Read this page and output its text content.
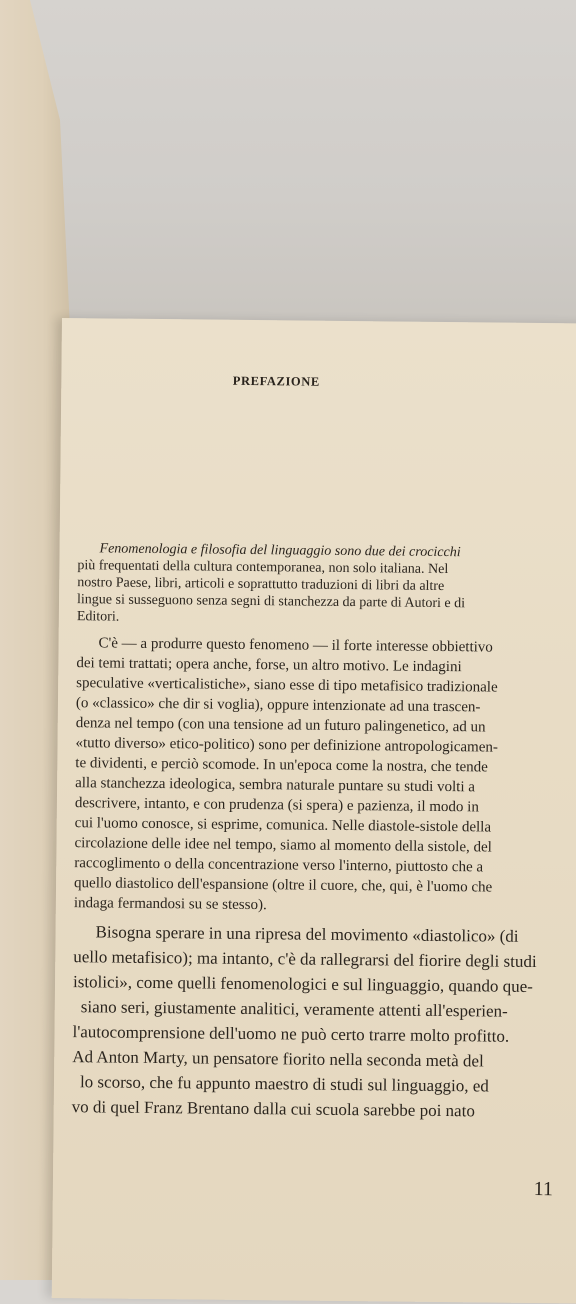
PREFAZIONE
Fenomenologia e filosofia del linguaggio sono due dei crocicchi
più frequentati della cultura contemporanea, non solo italiana. Nel
nostro Paese, libri, articoli e soprattutto traduzioni di libri da altre
lingue si susseguono senza segni di stanchezza da parte di Autori e di
Editori.
C'è — a produrre questo fenomeno — il forte interesse obbiettivo
dei temi trattati; opera anche, forse, un altro motivo. Le indagini
speculative «verticalistiche», siano esse di tipo metafisico tradizionale
(o «classico» che dir si voglia), oppure intenzionate ad una trascen-
denza nel tempo (con una tensione ad un futuro palingenetico, ad un
«tutto diverso» etico-politico) sono per definizione antropologicamen-
te dividenti, e perciò scomode. In un'epoca come la nostra, che tende
alla stanchezza ideologica, sembra naturale puntare su studi volti a
descrivere, intanto, e con prudenza (si spera) e pazienza, il modo in
cui l'uomo conosce, si esprime, comunica. Nelle diastole-sistole della
circolazione delle idee nel tempo, siamo al momento della sistole, del
raccoglimento o della concentrazione verso l'interno, piuttosto che a
quello diastolico dell'espansione (oltre il cuore, che, qui, è l'uomo che
indaga fermandosi su se stesso).
Bisogna sperare in una ripresa del movimento «diastolico» (di
uello metafisico); ma intanto, c'è da rallegrarsi del fiorire degli studi
istolici», come quelli fenomenologici e sul linguaggio, quando que-
siano seri, giustamente analitici, veramente attenti all'esperien-
l'autocomprensione dell'uomo ne può certo trarre molto profitto.
Ad Anton Marty, un pensatore fiorito nella seconda metà del
lo scorso, che fu appunto maestro di studi sul linguaggio, ed
vo di quel Franz Brentano dalla cui scuola sarebbe poi nato
11
